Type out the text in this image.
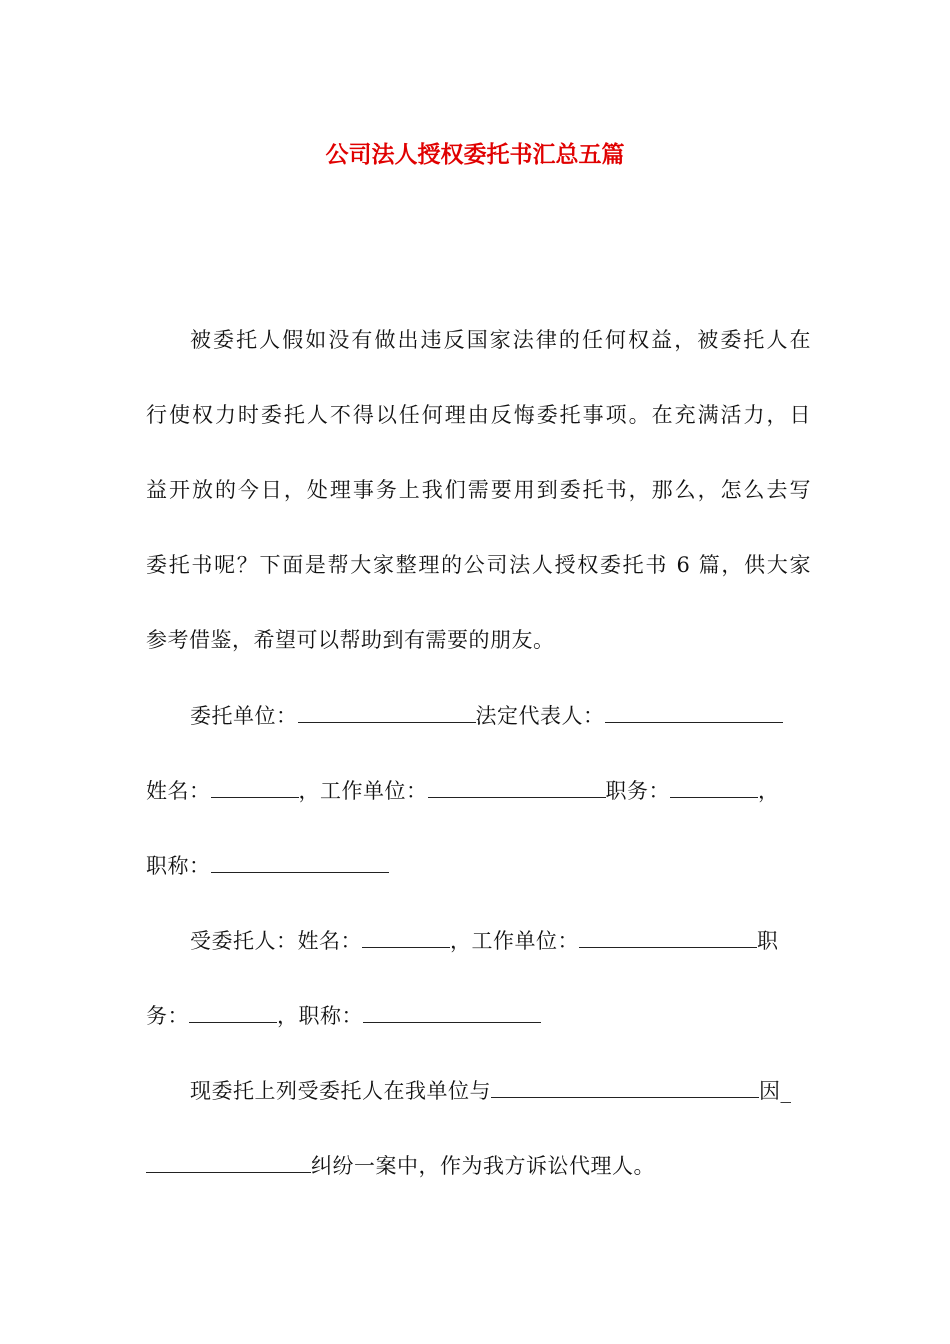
公司法人授权委托书汇总五篇
被委托人假如没有做出违反国家法律的任何权益，被委托人在
行使权力时委托人不得以任何理由反悔委托事项。在充满活力，日
益开放的今日，处理事务上我们需要用到委托书，那么，怎么去写
委托书呢？下面是帮大家整理的公司法人授权委托书 6 篇，供大家
参考借鉴，希望可以帮助到有需要的朋友。
委托单位：	法定代表人：
姓名：	，工作单位：	职务：	，
职称：
受委托人：姓名：	，工作单位：	职
务：	，职称：
现委托上列受委托人在我单位与	因_
纠纷一案中，作为我方诉讼代理人。
